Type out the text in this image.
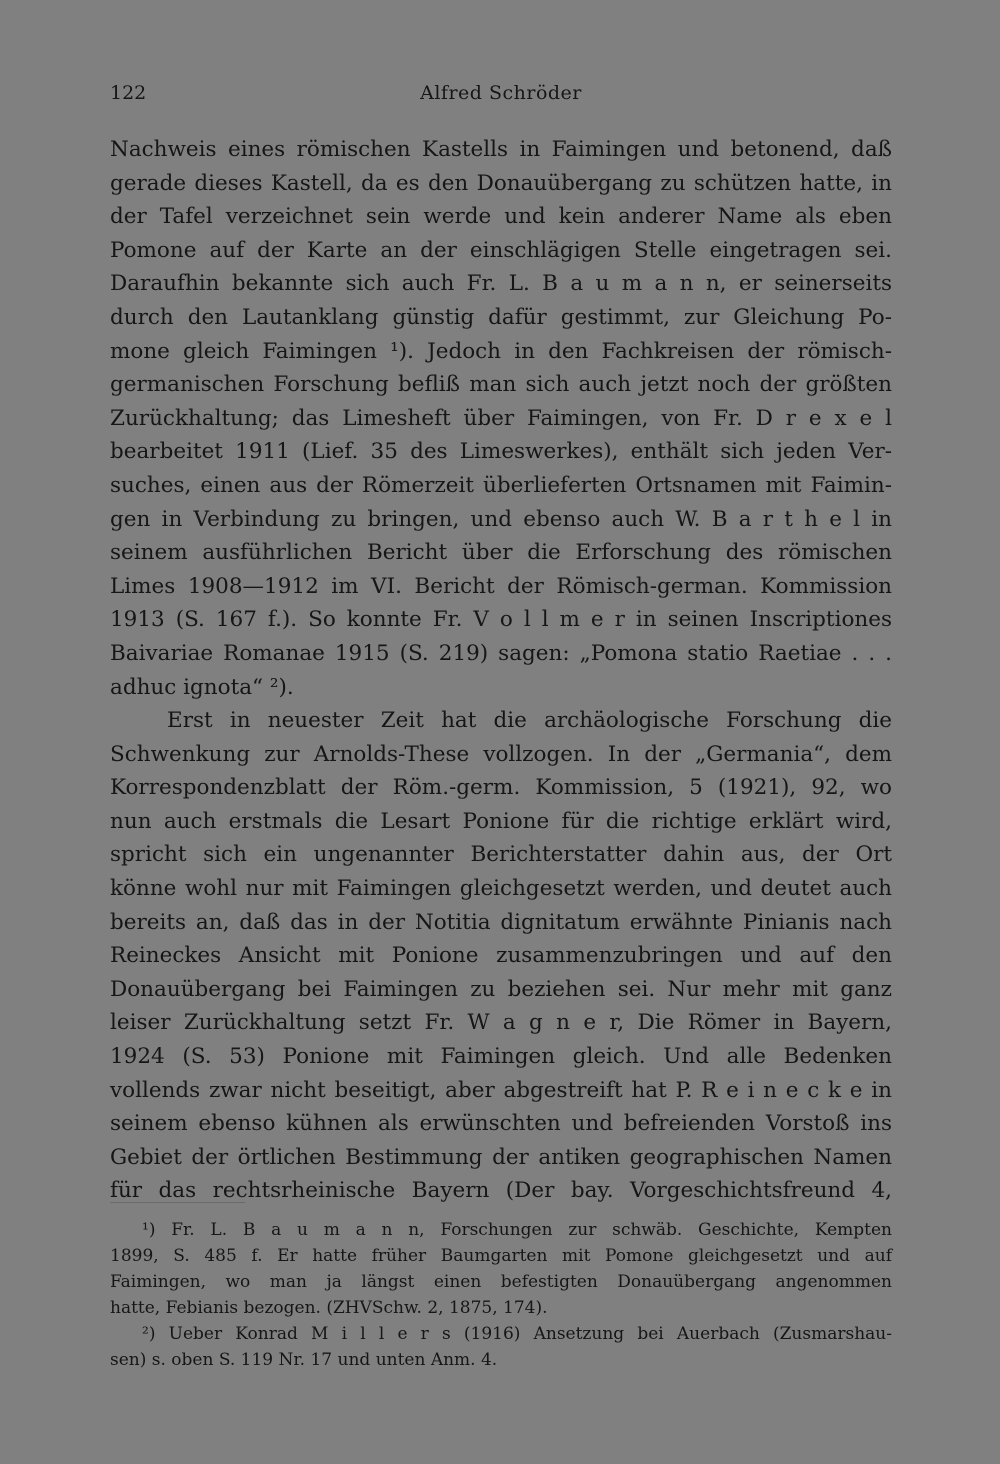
122	Alfred Schröder
Nachweis eines römischen Kastells in Faimingen und betonend, daß
gerade dieses Kastell, da es den Donauübergang zu schützen hatte, in
der Tafel verzeichnet sein werde und kein anderer Name als eben
Pomone auf der Karte an der einschlägigen Stelle eingetragen sei.
Daraufhin bekannte sich auch Fr. L. B a u m a n n, er seinerseits
durch den Lautanklang günstig dafür gestimmt, zur Gleichung Po-
mone gleich Faimingen ¹). Jedoch in den Fachkreisen der römisch-
germanischen Forschung befliß man sich auch jetzt noch der größten
Zurückhaltung; das Limesheft über Faimingen, von Fr. D r e x e l
bearbeitet 1911 (Lief. 35 des Limeswerkes), enthält sich jeden Ver-
suches, einen aus der Römerzeit überlieferten Ortsnamen mit Faimin-
gen in Verbindung zu bringen, und ebenso auch W. B a r t h e l in
seinem ausführlichen Bericht über die Erforschung des römischen
Limes 1908—1912 im VI. Bericht der Römisch-german. Kommission
1913 (S. 167 f.). So konnte Fr. V o l l m e r in seinen Inscriptiones
Baivariae Romanae 1915 (S. 219) sagen: „Pomona statio Raetiae . . .
adhuc ignota“ ²).
Erst in neuester Zeit hat die archäologische Forschung die
Schwenkung zur Arnolds-These vollzogen. In der „Germania“, dem
Korrespondenzblatt der Röm.-germ. Kommission, 5 (1921), 92, wo
nun auch erstmals die Lesart Ponione für die richtige erklärt wird,
spricht sich ein ungenannter Berichterstatter dahin aus, der Ort
könne wohl nur mit Faimingen gleichgesetzt werden, und deutet auch
bereits an, daß das in der Notitia dignitatum erwähnte Pinianis nach
Reineckes Ansicht mit Ponione zusammenzubringen und auf den
Donauübergang bei Faimingen zu beziehen sei. Nur mehr mit ganz
leiser Zurückhaltung setzt Fr. W a g n e r, Die Römer in Bayern,
1924 (S. 53) Ponione mit Faimingen gleich. Und alle Bedenken
vollends zwar nicht beseitigt, aber abgestreift hat P. R e i n e c k e in
seinem ebenso kühnen als erwünschten und befreienden Vorstoß ins
Gebiet der örtlichen Bestimmung der antiken geographischen Namen
für das rechtsrheinische Bayern (Der bay. Vorgeschichtsfreund 4,
¹) Fr. L. B a u m a n n, Forschungen zur schwäb. Geschichte, Kempten
1899, S. 485 f. Er hatte früher Baumgarten mit Pomone gleichgesetzt und auf
Faimingen, wo man ja längst einen befestigten Donauübergang angenommen
hatte, Febianis bezogen. (ZHVSchw. 2, 1875, 174).
²) Ueber Konrad M i l l e r s (1916) Ansetzung bei Auerbach (Zusmarshau-
sen) s. oben S. 119 Nr. 17 und unten Anm. 4.
